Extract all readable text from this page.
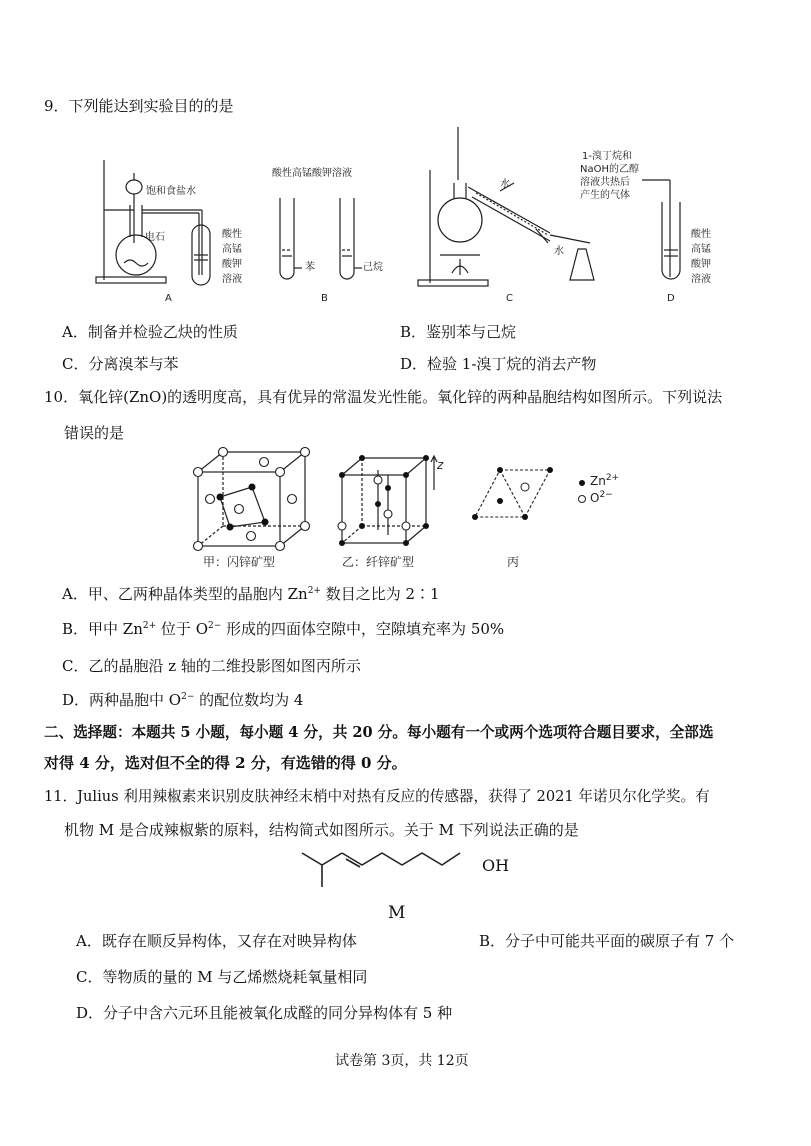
9．下列能达到实验目的的是
饱和食盐水
电石	酸性
高锰
酸钾
溶液
A
酸性高锰酸钾溶液
苯	己烷
B
水
水
C
1-溴丁烷和
NaOH的乙醇
溶液共热后
产生的气体
酸性
高锰
酸钾
溶液
D
A．制备并检验乙炔的性质	B．鉴别苯与己烷
C．分离溴苯与苯	D．检验 1-溴丁烷的消去产物
10．氧化锌(ZnO)的透明度高，具有优异的常温发光性能。氧化锌的两种晶胞结构如图所示。下列说法
错误的是
z
$Zn^{2+}$
$O^{2-}$
甲：闪锌矿型	乙：纤锌矿型	丙
A．甲、乙两种晶体类型的晶胞内 $Zn^{2+}$ 数目之比为 2∶1
B．甲中 $Zn^{2+}$ 位于 $O^{2-}$ 形成的四面体空隙中，空隙填充率为 50%
C．乙的晶胞沿 z 轴的二维投影图如图丙所示
D．两种晶胞中 $O^{2-}$ 的配位数均为 4
二、选择题：本题共 5 小题，每小题 4 分，共 20 分。每小题有一个或两个选项符合题目要求，全部选
对得 4 分，选对但不全的得 2 分，有选错的得 0 分。
11．Julius 利用辣椒素来识别皮肤神经末梢中对热有反应的传感器，获得了 2021 年诺贝尔化学奖。有
机物 M 是合成辣椒紫的原料，结构简式如图所示。关于 M 下列说法正确的是
OH
M
A．既存在顺反异构体，又存在对映异构体	B．分子中可能共平面的碳原子有 7 个
C．等物质的量的 M 与乙烯燃烧耗氧量相同
D．分子中含六元环且能被氧化成醛的同分异构体有 5 种
试卷第 3页，共 12页
